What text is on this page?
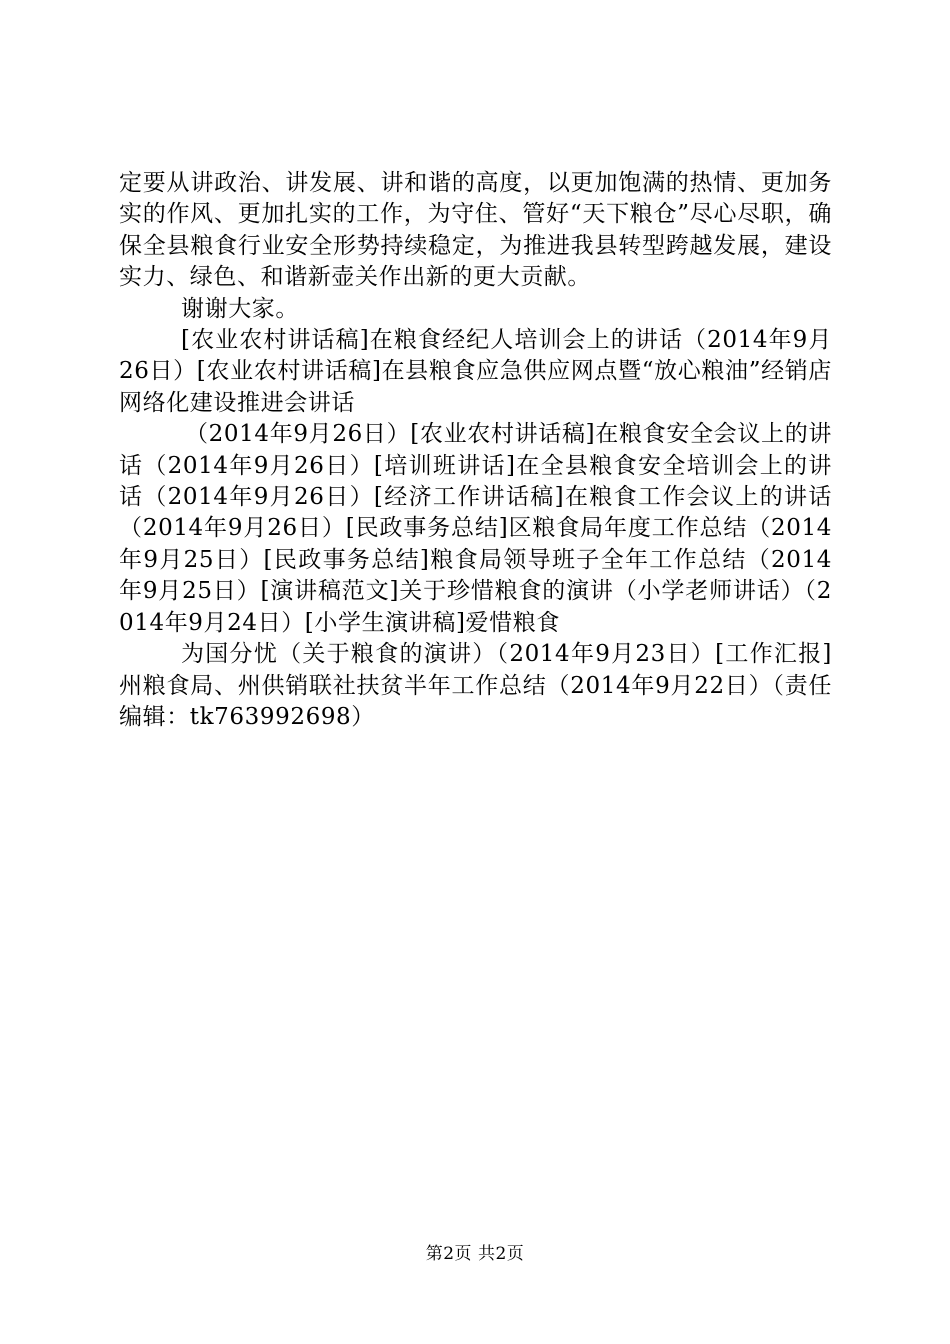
定要从讲政治、讲发展、讲和谐的高度，以更加饱满的热情、更加务实的作风、更加扎实的工作，为守住、管好“天下粮仓”尽心尽职，确保全县粮食行业安全形势持续稳定，为推进我县转型跨越发展，建设实力、绿色、和谐新壶关作出新的更大贡献。

谢谢大家。

[农业农村讲话稿]在粮食经纪人培训会上的讲话（2014年9月26日）[农业农村讲话稿]在县粮食应急供应网点暨“放心粮油”经销店网络化建设推进会讲话

（2014年9月26日）[农业农村讲话稿]在粮食安全会议上的讲话（2014年9月26日）[培训班讲话]在全县粮食安全培训会上的讲话（2014年9月26日）[经济工作讲话稿]在粮食工作会议上的讲话（2014年9月26日）[民政事务总结]区粮食局年度工作总结（2014年9月25日）[民政事务总结]粮食局领导班子全年工作总结（2014年9月25日）[演讲稿范文]关于珍惜粮食的演讲（小学老师讲话）（2014年9月24日）[小学生演讲稿]爱惜粮食

为国分忧（关于粮食的演讲）（2014年9月23日）[工作汇报]州粮食局、州供销联社扶贫半年工作总结（2014年9月22日）（责任编辑：tk763992698）

第2页 共2页
